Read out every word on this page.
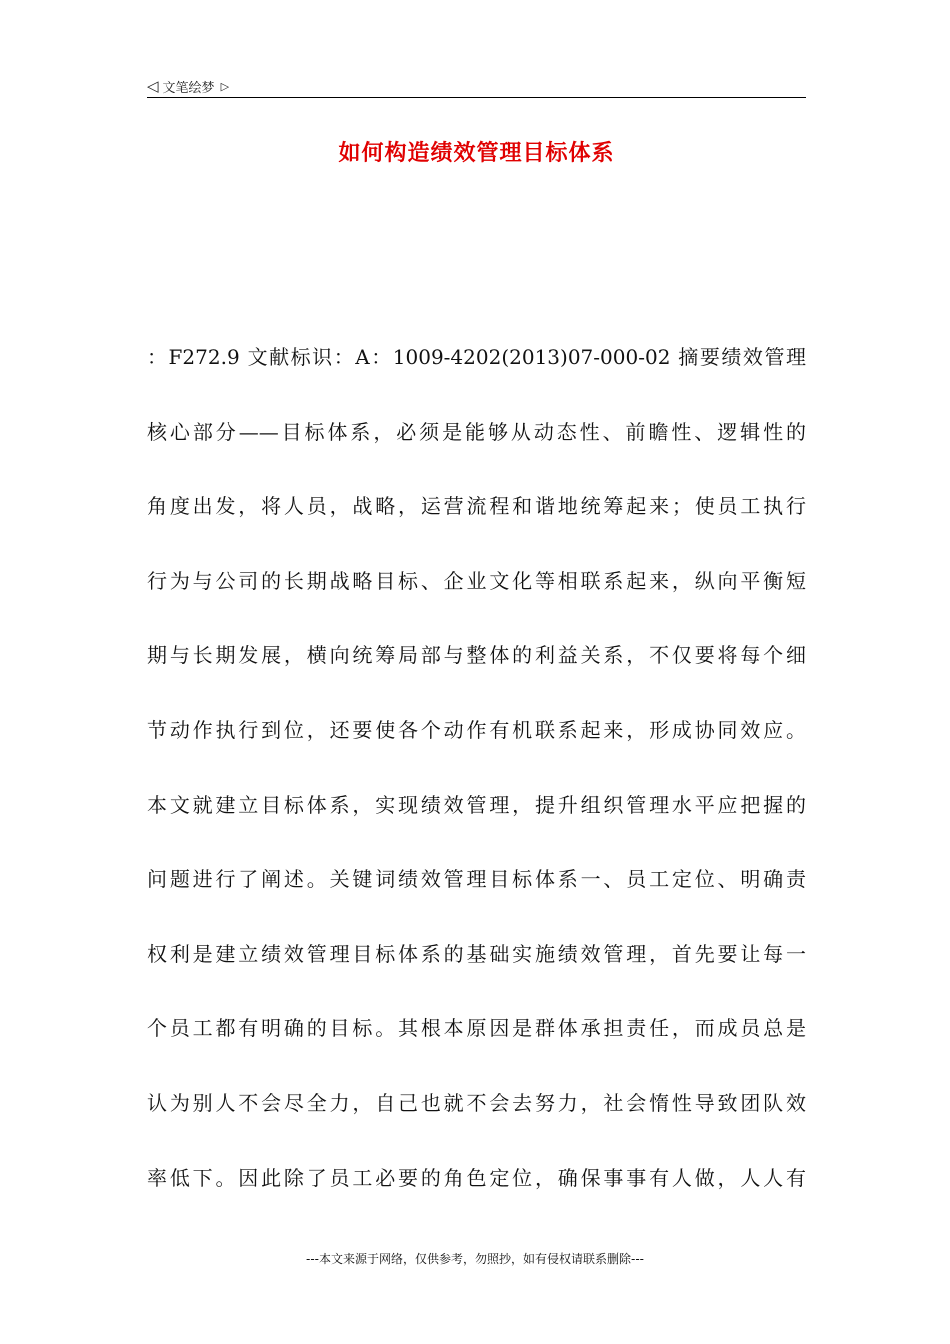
◁ 文笔绘梦 ▷
如何构造绩效管理目标体系
：F272.9 文献标识：A：1009-4202(2013)07-000-02 摘要绩效管理
核心部分——目标体系，必须是能够从动态性、前瞻性、逻辑性的
角度出发，将人员，战略，运营流程和谐地统筹起来；使员工执行
行为与公司的长期战略目标、企业文化等相联系起来，纵向平衡短
期与长期发展，横向统筹局部与整体的利益关系，不仅要将每个细
节动作执行到位，还要使各个动作有机联系起来，形成协同效应。
本文就建立目标体系，实现绩效管理，提升组织管理水平应把握的
问题进行了阐述。关键词绩效管理目标体系一、员工定位、明确责
权利是建立绩效管理目标体系的基础实施绩效管理，首先要让每一
个员工都有明确的目标。其根本原因是群体承担责任，而成员总是
认为别人不会尽全力，自己也就不会去努力，社会惰性导致团队效
率低下。因此除了员工必要的角色定位，确保事事有人做，人人有
---本文来源于网络，仅供参考，勿照抄，如有侵权请联系删除---
